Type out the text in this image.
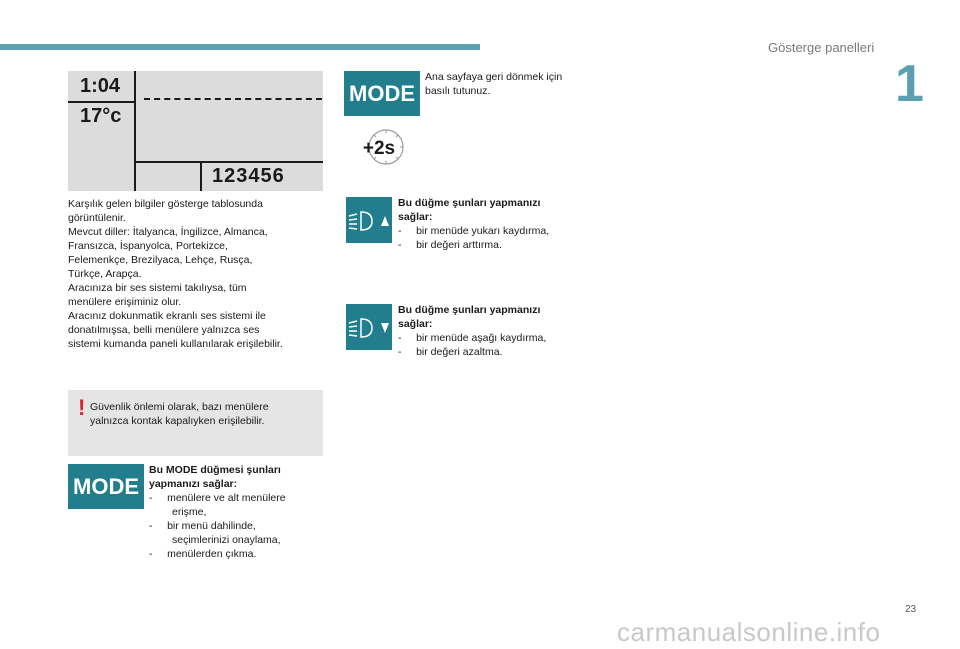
Gösterge panelleri
1
1:04
17°c
123456
Karşılık gelen bilgiler gösterge tablosunda
görüntülenir.
Mevcut diller: İtalyanca, İngilizce, Almanca,
Fransızca, İspanyolca, Portekizce,
Felemenkçe, Brezilyaca, Lehçe, Rusça,
Türkçe, Arapça.
Aracınıza bir ses sistemi takılıysa, tüm
menülere erişiminiz olur.
Aracınız dokunmatik ekranlı ses sistemi ile
donatılmışsa, belli menülere yalnızca ses
sistemi kumanda paneli kullanılarak erişilebilir.
! Güvenlik önlemi olarak, bazı menülere
yalnızca kontak kapalıyken erişilebilir.
MODE
Bu MODE düğmesi şunları
yapmanızı sağlar:
- menülere ve alt menülere
erişme,
- bir menü dahilinde,
seçimlerinizi onaylama,
- menülerden çıkma.
MODE
Ana sayfaya geri dönmek için
basılı tutunuz.
+2s
Bu düğme şunları yapmanızı
sağlar:
- bir menüde yukarı kaydırma,
- bir değeri arttırma.
Bu düğme şunları yapmanızı
sağlar:
- bir menüde aşağı kaydırma,
- bir değeri azaltma.
23
carmanualsonline.info
